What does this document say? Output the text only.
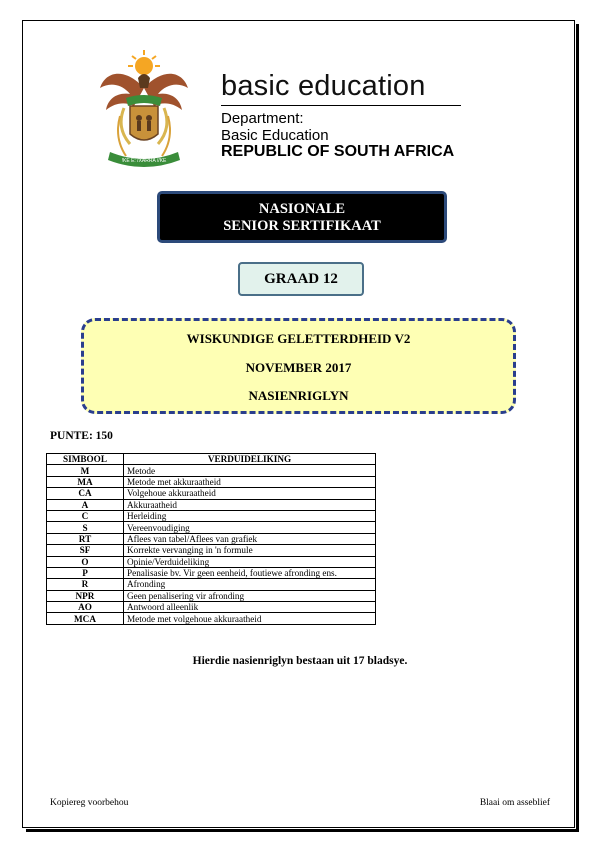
!KE E: /XARRA //KE
basic education
Department:
Basic Education
REPUBLIC OF SOUTH AFRICA
NASIONALE
SENIOR SERTIFIKAAT
GRAAD 12
WISKUNDIGE GELETTERDHEID V2
NOVEMBER 2017
NASIENRIGLYN
PUNTE: 150
SIMBOOL	VERDUIDELIKING
M	Metode
MA	Metode met akkuraatheid
CA	Volgehoue akkuraatheid
A	Akkuraatheid
C	Herleiding
S	Vereenvoudiging
RT	Aflees van tabel/Aflees van grafiek
SF	Korrekte vervanging in 'n formule
O	Opinie/Verduideliking
P	Penalisasie bv. Vir geen eenheid, foutiewe afronding ens.
R	Afronding
NPR	Geen penalisering vir afronding
AO	Antwoord alleenlik
MCA	Metode met volgehoue akkuraatheid
Hierdie nasienriglyn bestaan uit 17 bladsye.
Kopiereg voorbehou	Blaai om asseblief
